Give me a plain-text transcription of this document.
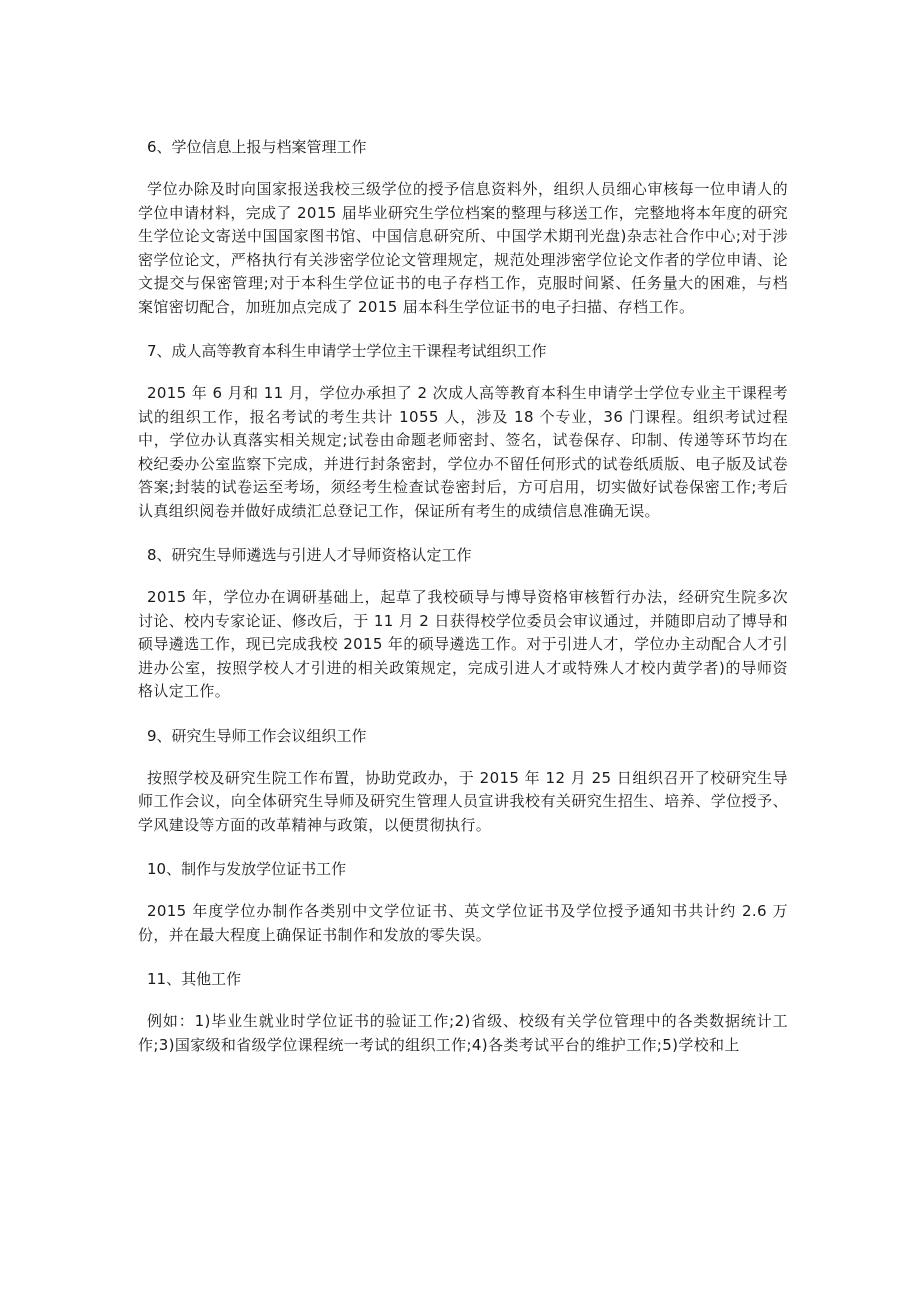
6、学位信息上报与档案管理工作
学位办除及时向国家报送我校三级学位的授予信息资料外，组织人员细心审核每一位申请人的学位申请材料，完成了 2015 届毕业研究生学位档案的整理与移送工作，完整地将本年度的研究生学位论文寄送中国国家图书馆、中国信息研究所、中国学术期刊光盘)杂志社合作中心;对于涉密学位论文，严格执行有关涉密学位论文管理规定，规范处理涉密学位论文作者的学位申请、论文提交与保密管理;对于本科生学位证书的电子存档工作，克服时间紧、任务量大的困难，与档案馆密切配合，加班加点完成了 2015 届本科生学位证书的电子扫描、存档工作。
7、成人高等教育本科生申请学士学位主干课程考试组织工作
2015 年 6 月和 11 月，学位办承担了 2 次成人高等教育本科生申请学士学位专业主干课程考试的组织工作，报名考试的考生共计 1055 人，涉及 18 个专业，36 门课程。组织考试过程中，学位办认真落实相关规定;试卷由命题老师密封、签名，试卷保存、印制、传递等环节均在校纪委办公室监察下完成，并进行封条密封，学位办不留任何形式的试卷纸质版、电子版及试卷答案;封装的试卷运至考场，须经考生检查试卷密封后，方可启用，切实做好试卷保密工作;考后认真组织阅卷并做好成绩汇总登记工作，保证所有考生的成绩信息准确无误。
8、研究生导师遴选与引进人才导师资格认定工作
2015 年，学位办在调研基础上，起草了我校硕导与博导资格审核暂行办法，经研究生院多次讨论、校内专家论证、修改后，于 11 月 2 日获得校学位委员会审议通过，并随即启动了博导和硕导遴选工作，现已完成我校 2015 年的硕导遴选工作。对于引进人才，学位办主动配合人才引进办公室，按照学校人才引进的相关政策规定，完成引进人才或特殊人才校内黄学者)的导师资格认定工作。
9、研究生导师工作会议组织工作
按照学校及研究生院工作布置，协助党政办，于 2015 年 12 月 25 日组织召开了校研究生导师工作会议，向全体研究生导师及研究生管理人员宣讲我校有关研究生招生、培养、学位授予、学风建设等方面的改革精神与政策，以便贯彻执行。
10、制作与发放学位证书工作
2015 年度学位办制作各类别中文学位证书、英文学位证书及学位授予通知书共计约 2.6 万份，并在最大程度上确保证书制作和发放的零失误。
11、其他工作
例如：1)毕业生就业时学位证书的验证工作;2)省级、校级有关学位管理中的各类数据统计工作;3)国家级和省级学位课程统一考试的组织工作;4)各类考试平台的维护工作;5)学校和上
